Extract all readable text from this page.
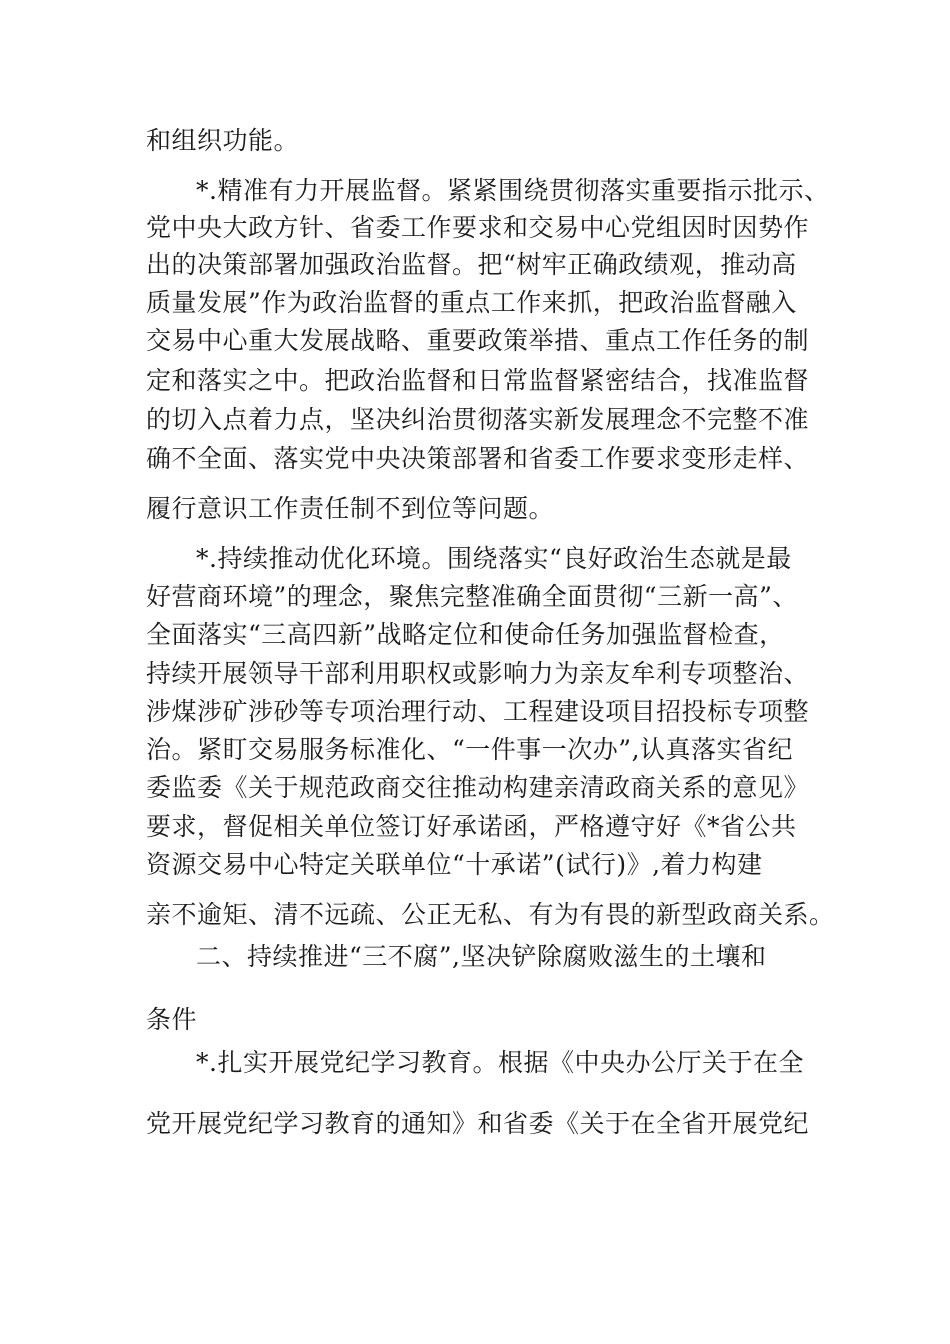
和组织功能。
*.精准有力开展监督。紧紧围绕贯彻落实重要指示批示、
党中央大政方针、省委工作要求和交易中心党组因时因势作
出的决策部署加强政治监督。把“树牢正确政绩观，推动高
质量发展”作为政治监督的重点工作来抓，把政治监督融入
交易中心重大发展战略、重要政策举措、重点工作任务的制
定和落实之中。把政治监督和日常监督紧密结合，找准监督
的切入点着力点，坚决纠治贯彻落实新发展理念不完整不准
确不全面、落实党中央决策部署和省委工作要求变形走样、
履行意识工作责任制不到位等问题。
*.持续推动优化环境。围绕落实“良好政治生态就是最
好营商环境”的理念，聚焦完整准确全面贯彻“三新一高”、
全面落实“三高四新”战略定位和使命任务加强监督检查，
持续开展领导干部利用职权或影响力为亲友牟利专项整治、
涉煤涉矿涉砂等专项治理行动、工程建设项目招投标专项整
治。紧盯交易服务标准化、“一件事一次办”,认真落实省纪
委监委《关于规范政商交往推动构建亲清政商关系的意见》
要求，督促相关单位签订好承诺函，严格遵守好《*省公共
资源交易中心特定关联单位“十承诺”(试行)》,着力构建
亲不逾矩、清不远疏、公正无私、有为有畏的新型政商关系。
二、持续推进“三不腐”,坚决铲除腐败滋生的土壤和
条件
*.扎实开展党纪学习教育。根据《中央办公厅关于在全
党开展党纪学习教育的通知》和省委《关于在全省开展党纪
